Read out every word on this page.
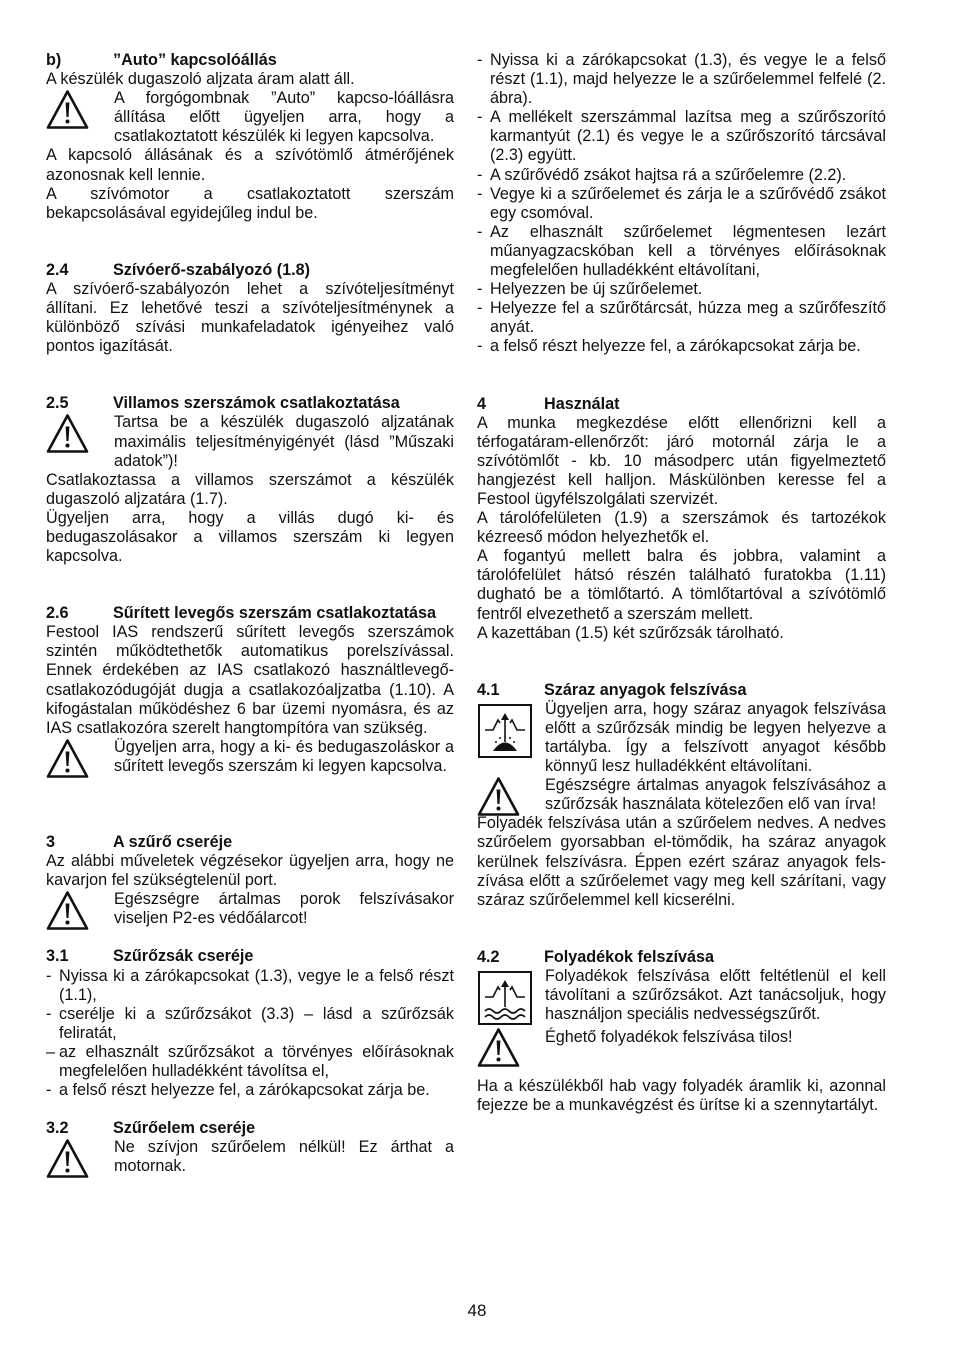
b)	”Auto” kapcsolóállás

A készülék dugaszoló aljzata áram alatt áll.

A forgógombnak ”Auto” kapcso-lóállásra állítása előtt ügyeljen arra, hogy a csatlakoztatott készülék ki legyen kapcsolva.

A kapcsoló állásának és a szívótömlő átmérőjének azonosnak kell lennie.

A szívómotor a csatlakoztatott szerszám bekapcsolásával egyidejűleg indul be.

2.4	Szívóerő-szabályozó (1.8)

A szívóerő-szabályozón lehet a szívóteljesítményt állítani. Ez lehetővé teszi a szívóteljesítménynek a különböző szívási munkafeladatok igényeihez való pontos igazítását.

2.5	Villamos szerszámok csatlakoztatása

Tartsa be a készülék dugaszoló aljzatának maximális teljesítményigényét (lásd ”Műszaki adatok”)!

Csatlakoztassa a villamos szerszámot a készülék dugaszoló aljzatára (1.7).

Ügyeljen arra, hogy a villás dugó ki- és bedugaszolásakor a villamos szerszám ki legyen kapcsolva.

2.6	Sűrített levegős szerszám csatlakoztatása

Festool IAS rendszerű sűrített levegős szerszámok szintén működtethetők automatikus porelszívással. Ennek érdekében az IAS csatlakozó használtlevegő-csatlakozódugóját dugja a csatlakozóaljzatba (1.10). A kifogástalan működéshez 6 bar üzemi nyomásra, és az IAS csatlakozóra szerelt hangtompítóra van szükség.

Ügyeljen arra, hogy a ki- és bedugaszoláskor a sűrített levegős szerszám ki legyen kapcsolva.

3	A szűrő cseréje

Az alábbi műveletek végzésekor ügyeljen arra, hogy ne kavarjon fel szükségtelenül port.

Egészségre ártalmas porok felszívásakor viseljen P2-es védőálarcot!

3.1	Szűrőzsák cseréje
- Nyissa ki a zárókapcsokat (1.3), vegye le a felső részt (1.1),
- cserélje ki a szűrőzsákot (3.3) – lásd a szűrőzsák feliratát,
– az elhasznált szűrőzsákot a törvényes előírásoknak megfelelően hulladékként távolítsa el,
- a felső részt helyezze fel, a zárókapcsokat zárja be.
3.2	Szűrőelem cseréje

Ne szívjon szűrőelem nélkül! Ez árthat a motornak.

- Nyissa ki a zárókapcsokat (1.3), és vegye le a felső részt (1.1), majd helyezze le a szűrőelemmel felfelé (2. ábra).
- A mellékelt szerszámmal lazítsa meg a szűrőszorító karmantyút (2.1) és vegye le a szűrőszorító tárcsával (2.3) együtt.
- A szűrővédő zsákot hajtsa rá a szűrőelemre (2.2).
- Vegye ki a szűrőelemet és zárja le a szűrővédő zsákot egy csomóval.
- Az elhasznált szűrőelemet légmentesen lezárt műanyagzacskóban kell a törvényes előírásoknak megfelelően hulladékként eltávolítani,
- Helyezzen be új szűrőelemet.
- Helyezze fel a szűrőtárcsát, húzza meg a szűrőfeszítő anyát.
- a felső részt helyezze fel, a zárókapcsokat zárja be.
4	Használat

A munka megkezdése előtt ellenőrizni kell a térfogatáram-ellenőrzőt: járó motornál zárja le a szívótömlőt - kb. 10 másodperc után figyelmeztető hangjezést kell halljon. Máskülönben keresse fel a Festool ügyfélszolgálati szervizét.

A tárolófelületen (1.9) a szerszámok és tartozékok kézreeső módon helyezhetők el.

A fogantyú mellett balra és jobbra, valamint a tárolófelület hátsó részén található furatokba (1.11) dugható be a tömlőtartó. A tömlőtartóval a szívótömlő fentről elvezethető a szerszám mellett.

A kazettában (1.5) két szűrőzsák tárolható.

4.1	Száraz anyagok felszívása

Ügyeljen arra, hogy száraz anyagok felszívása előtt a szűrőzsák mindig be legyen helyezve a tartályba. Így a felszívott anyagot később könnyű lesz hulladékként eltávolítani.

Egészségre ártalmas anyagok felszívásához a szűrőzsák használata kötelezően elő van írva!

Folyadék felszívása után a szűrőelem nedves. A nedves szűrőelem gyorsabban el-tömődik, ha száraz anyagok kerülnek felszívásra. Éppen ezért száraz anyagok fels-zívása előtt a szűrőelemet vagy meg kell szárítani, vagy száraz szűrőelemmel kell kicserélni.

4.2	Folyadékok felszívása

Folyadékok felszívása előtt feltétlenül el kell távolítani a szűrőzsákot. Azt tanácsoljuk, hogy használjon speciális nedvességszűrőt.

Éghető folyadékok felszívása tilos!

Ha a készülékből hab vagy folyadék áramlik ki, azonnal fejezze be a munkavégzést és ürítse ki a szennytartályt.

48
